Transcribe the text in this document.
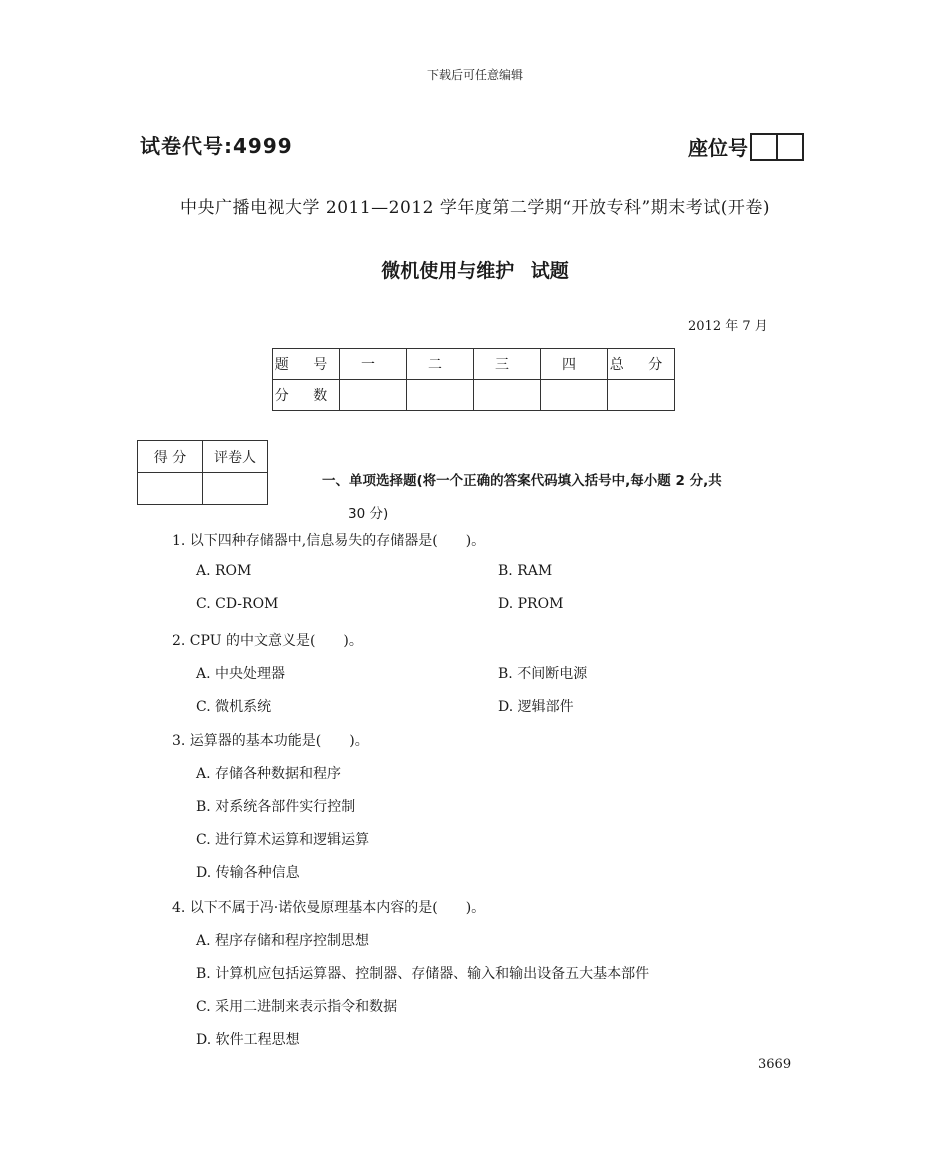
下载后可任意编辑
试卷代号:4999	座位号
中央广播电视大学 2011—2012 学年度第二学期“开放专科”期末考试(开卷)
微机使用与维护 试题
2012 年 7 月
题 号	一	二	三	四	总 分
分 数					
得 分	评卷人

一、单项选择题(将一个正确的答案代码填入括号中,每小题 2 分,共
30 分)
1. 以下四种存储器中,信息易失的存储器是(　　)。
A. ROM	B. RAM
C. CD-ROM	D. PROM
2. CPU 的中文意义是(　　)。
A. 中央处理器	B. 不间断电源
C. 微机系统	D. 逻辑部件
3. 运算器的基本功能是(　　)。
A. 存储各种数据和程序
B. 对系统各部件实行控制
C. 进行算术运算和逻辑运算
D. 传输各种信息
4. 以下不属于冯·诺依曼原理基本内容的是(　　)。
A. 程序存储和程序控制思想
B. 计算机应包括运算器、控制器、存储器、输入和输出设备五大基本部件
C. 采用二进制来表示指令和数据
D. 软件工程思想
3669
